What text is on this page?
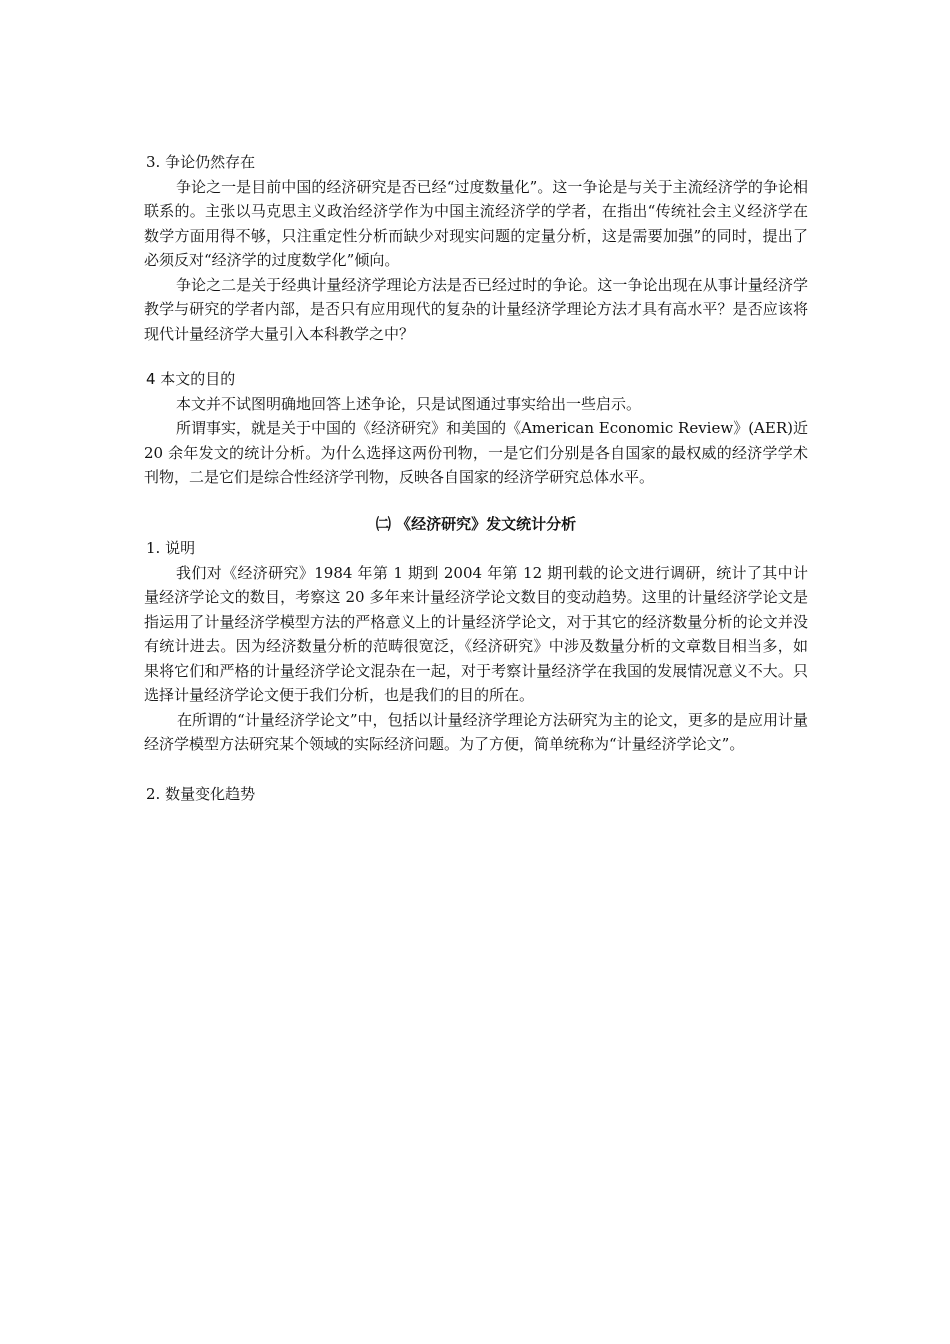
3. 争论仍然存在

争论之一是目前中国的经济研究是否已经“过度数量化”。这一争论是与关于主流经济学的争论相联系的。主张以马克思主义政治经济学作为中国主流经济学的学者，在指出“传统社会主义经济学在数学方面用得不够，只注重定性分析而缺少对现实问题的定量分析，这是需要加强”的同时，提出了必须反对“经济学的过度数学化”倾向。

争论之二是关于经典计量经济学理论方法是否已经过时的争论。这一争论出现在从事计量经济学教学与研究的学者内部，是否只有应用现代的复杂的计量经济学理论方法才具有高水平？是否应该将现代计量经济学大量引入本科教学之中？

4 本文的目的

本文并不试图明确地回答上述争论，只是试图通过事实给出一些启示。

所谓事实，就是关于中国的《经济研究》和美国的《American Economic Review》(AER)近 20 余年发文的统计分析。为什么选择这两份刊物，一是它们分别是各自国家的最权威的经济学学术刊物，二是它们是综合性经济学刊物，反映各自国家的经济学研究总体水平。

㈡ 《经济研究》发文统计分析

1. 说明

我们对《经济研究》1984 年第 1 期到 2004 年第 12 期刊载的论文进行调研，统计了其中计量经济学论文的数目，考察这 20 多年来计量经济学论文数目的变动趋势。这里的计量经济学论文是指运用了计量经济学模型方法的严格意义上的计量经济学论文，对于其它的经济数量分析的论文并没有统计进去。因为经济数量分析的范畴很宽泛，《经济研究》中涉及数量分析的文章数目相当多，如果将它们和严格的计量经济学论文混杂在一起，对于考察计量经济学在我国的发展情况意义不大。只选择计量经济学论文便于我们分析，也是我们的目的所在。

在所谓的“计量经济学论文”中，包括以计量经济学理论方法研究为主的论文，更多的是应用计量经济学模型方法研究某个领域的实际经济问题。为了方便，简单统称为“计量经济学论文”。

2. 数量变化趋势
